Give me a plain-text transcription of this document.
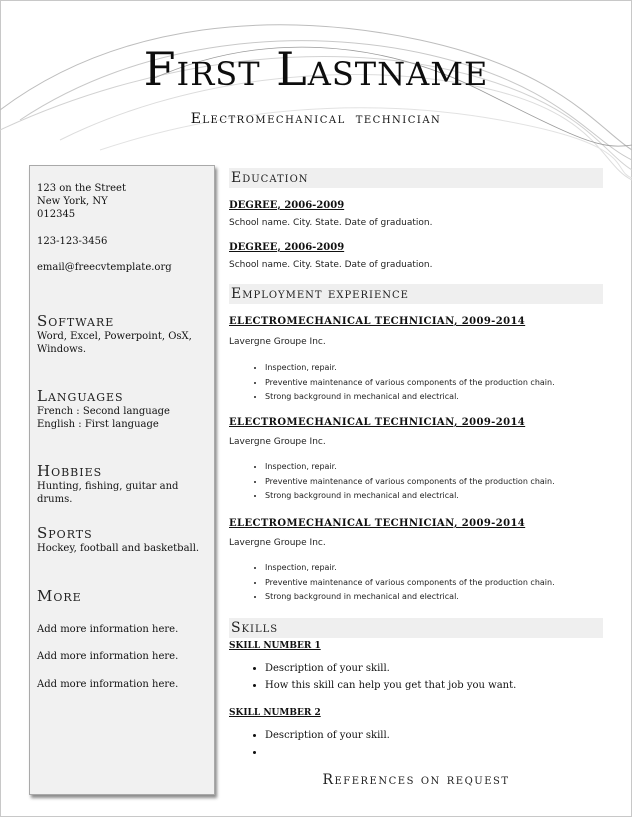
First Lastname
Electromechanical technician
123 on the Street
New York, NY
012345
123-123-3456
email@freecvtemplate.org
Software
Word, Excel, Powerpoint, OsX, Windows.
Languages
French : Second language
English : First language
Hobbies
Hunting, fishing, guitar and drums.
Sports
Hockey, football and basketball.
More
Add more information here.
Add more information here.
Add more information here.
Education
DEGREE, 2006-2009
School name. City. State. Date of graduation.
DEGREE, 2006-2009
School name. City. State. Date of graduation.
Employment experience
ELECTROMECHANICAL TECHNICIAN, 2009-2014
Lavergne Groupe Inc.
• Inspection, repair.
• Preventive maintenance of various components of the production chain.
• Strong background in mechanical and electrical.
ELECTROMECHANICAL TECHNICIAN, 2009-2014
Lavergne Groupe Inc.
• Inspection, repair.
• Preventive maintenance of various components of the production chain.
• Strong background in mechanical and electrical.
ELECTROMECHANICAL TECHNICIAN, 2009-2014
Lavergne Groupe Inc.
• Inspection, repair.
• Preventive maintenance of various components of the production chain.
• Strong background in mechanical and electrical.
Skills
SKILL NUMBER 1
• Description of your skill.
• How this skill can help you get that job you want.
SKILL NUMBER 2
• Description of your skill.
•
References on request
